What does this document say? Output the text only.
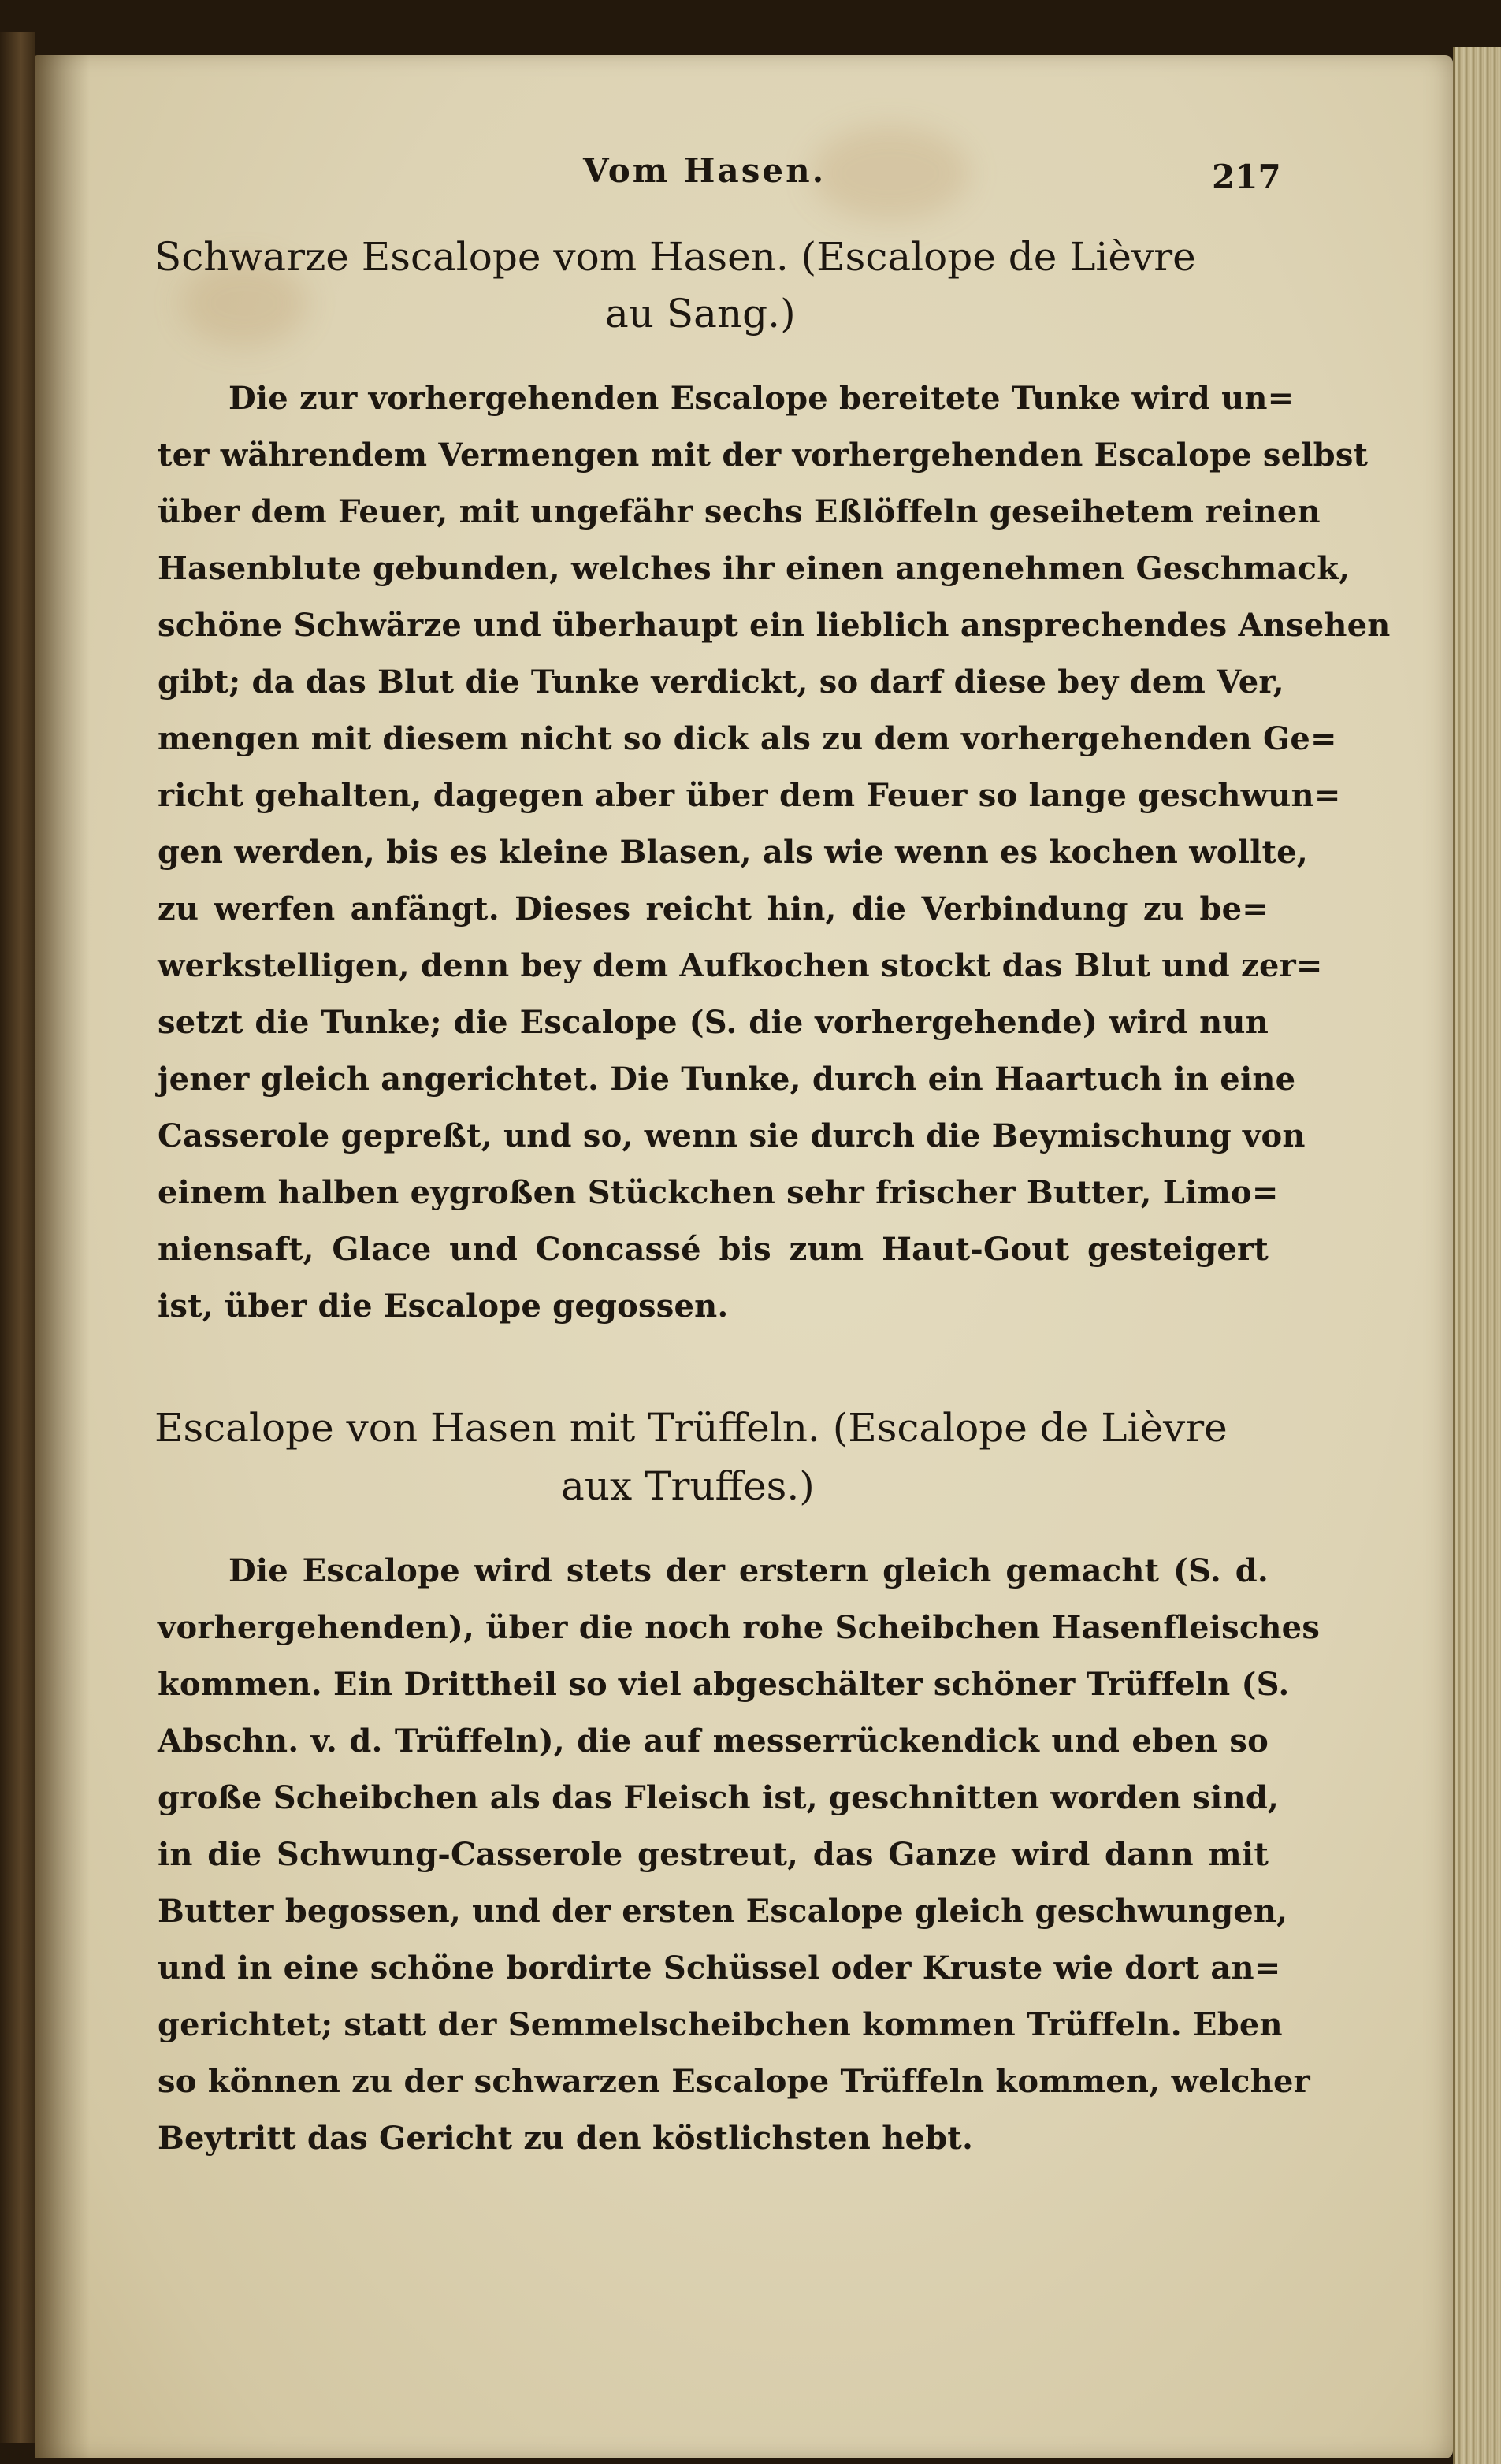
Vom Hasen.	217
Schwarze Escalope vom Hasen. (Escalope de Lièvre
au Sang.)
Die zur vorhergehenden Escalope bereitete Tunke wird un=
ter währendem Vermengen mit der vorhergehenden Escalope selbst
über dem Feuer, mit ungefähr sechs Eßlöffeln geseihetem reinen
Hasenblute gebunden, welches ihr einen angenehmen Geschmack,
schöne Schwärze und überhaupt ein lieblich ansprechendes Ansehen
gibt; da das Blut die Tunke verdickt, so darf diese bey dem Ver,
mengen mit diesem nicht so dick als zu dem vorhergehenden Ge=
richt gehalten, dagegen aber über dem Feuer so lange geschwun=
gen werden, bis es kleine Blasen, als wie wenn es kochen wollte,
zu werfen anfängt. Dieses reicht hin, die Verbindung zu be=
werkstelligen, denn bey dem Aufkochen stockt das Blut und zer=
setzt die Tunke; die Escalope (S. die vorhergehende) wird nun
jener gleich angerichtet. Die Tunke, durch ein Haartuch in eine
Casserole gepreßt, und so, wenn sie durch die Beymischung von
einem halben eygroßen Stückchen sehr frischer Butter, Limo=
niensaft, Glace und Concassé bis zum Haut-Gout gesteigert
ist, über die Escalope gegossen.
Escalope von Hasen mit Trüffeln. (Escalope de Lièvre
aux Truffes.)
Die Escalope wird stets der erstern gleich gemacht (S. d.
vorhergehenden), über die noch rohe Scheibchen Hasenfleisches
kommen. Ein Drittheil so viel abgeschälter schöner Trüffeln (S.
Abschn. v. d. Trüffeln), die auf messerrückendick und eben so
große Scheibchen als das Fleisch ist, geschnitten worden sind,
in die Schwung-Casserole gestreut, das Ganze wird dann mit
Butter begossen, und der ersten Escalope gleich geschwungen,
und in eine schöne bordirte Schüssel oder Kruste wie dort an=
gerichtet; statt der Semmelscheibchen kommen Trüffeln. Eben
so können zu der schwarzen Escalope Trüffeln kommen, welcher
Beytritt das Gericht zu den köstlichsten hebt.
